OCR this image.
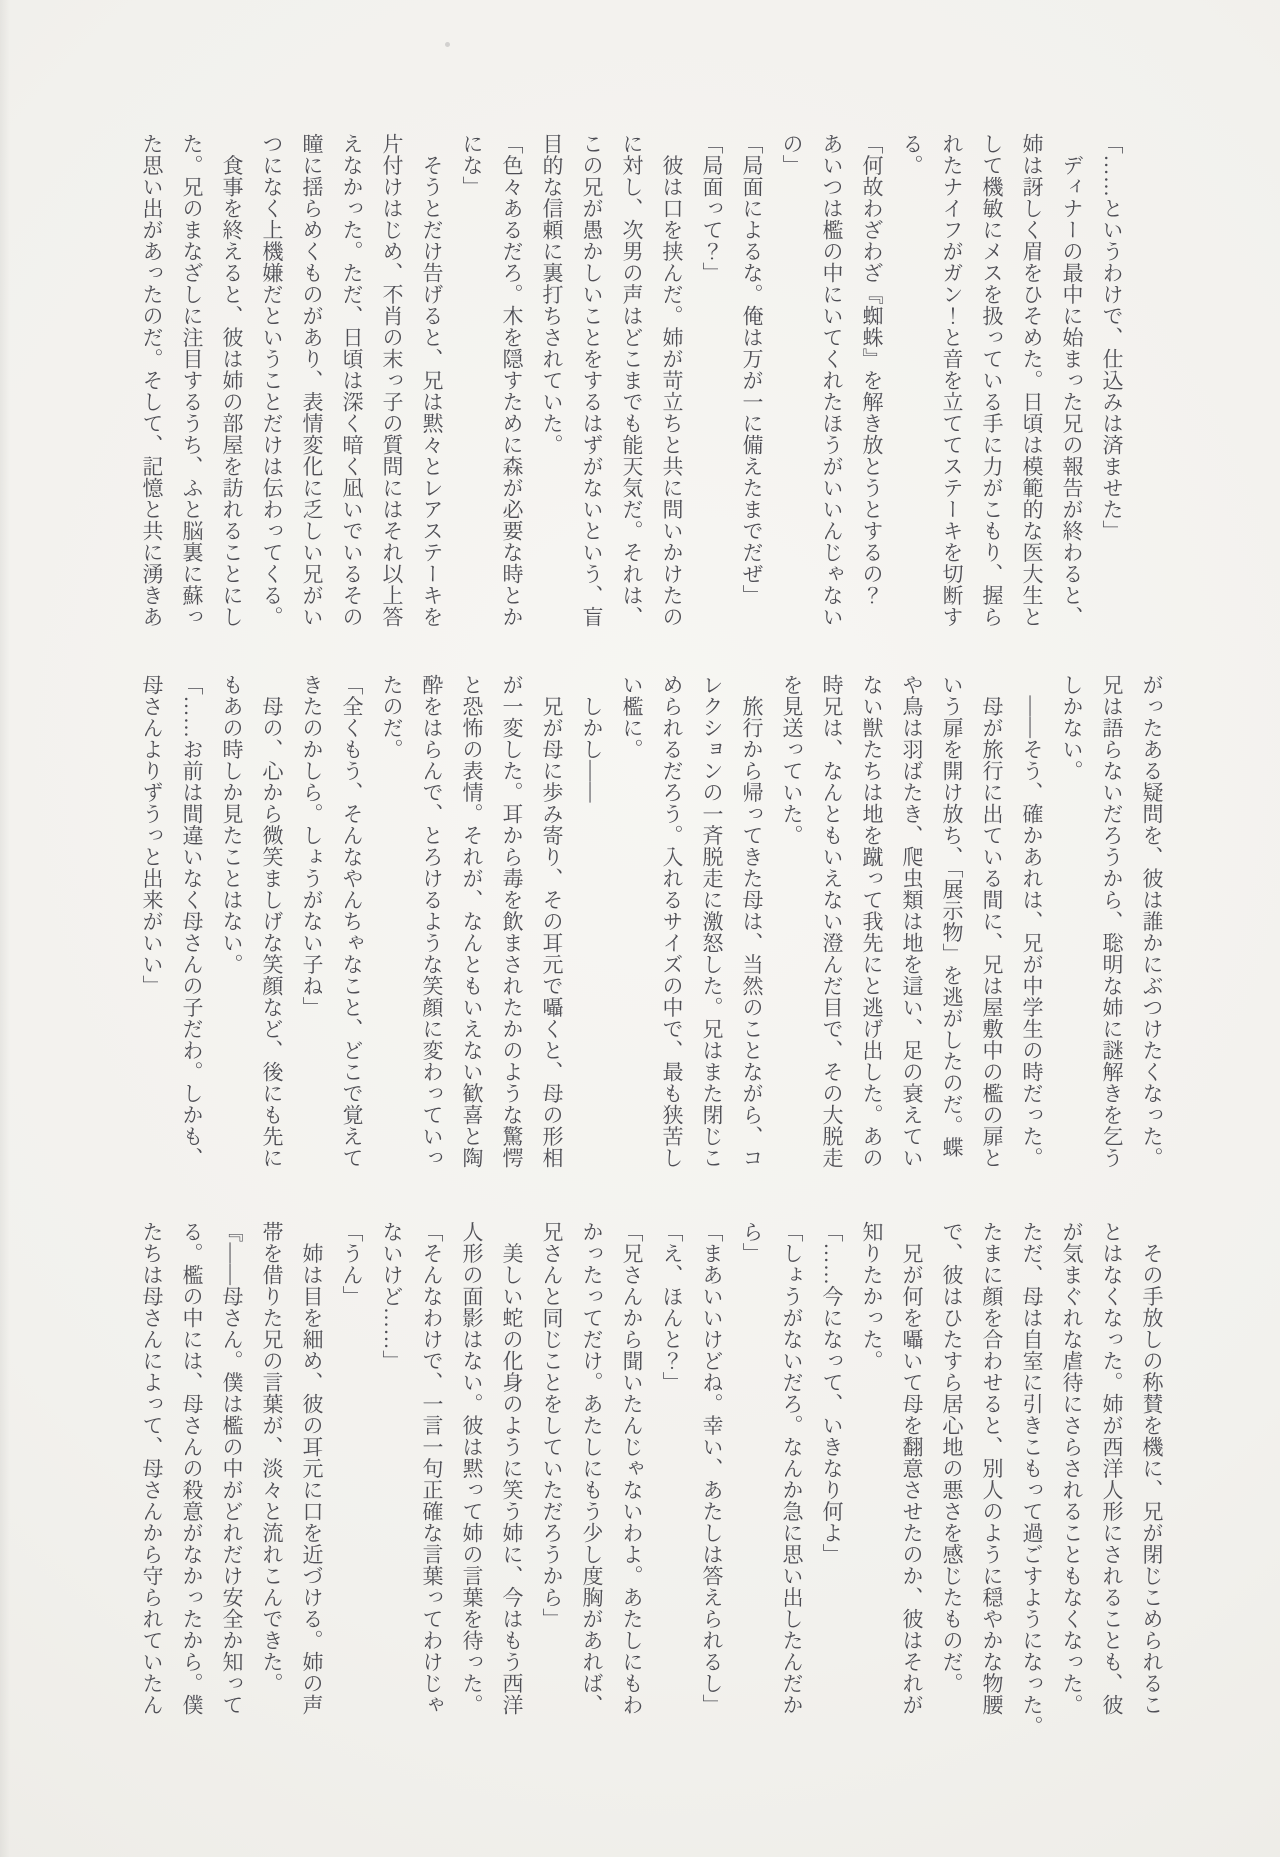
「……というわけで、仕込みは済ませた」

　ディナーの最中に始まった兄の報告が終わると、

姉は訝しく眉をひそめた。日頃は模範的な医大生と

して機敏にメスを扱っている手に力がこもり、握ら

れたナイフがガン！と音を立ててステーキを切断す

る。

「何故わざわざ『蜘蛛』を解き放とうとするの？

あいつは檻の中にいてくれたほうがいいんじゃない

の」

「局面によるな。俺は万が一に備えたまでだぜ」

「局面って？」

　彼は口を挟んだ。姉が苛立ちと共に問いかけたの

に対し、次男の声はどこまでも能天気だ。それは、

この兄が愚かしいことをするはずがないという、盲

目的な信頼に裏打ちされていた。

「色々あるだろ。木を隠すために森が必要な時とか

にな」

　そうとだけ告げると、兄は黙々とレアステーキを

片付けはじめ、不肖の末っ子の質問にはそれ以上答

えなかった。ただ、日頃は深く暗く凪いでいるその

瞳に揺らめくものがあり、表情変化に乏しい兄がい

つになく上機嫌だということだけは伝わってくる。

　食事を終えると、彼は姉の部屋を訪れることにし

た。兄のまなざしに注目するうち、ふと脳裏に蘇っ

た思い出があったのだ。そして、記憶と共に湧きあ

がったある疑問を、彼は誰かにぶつけたくなった。

兄は語らないだろうから、聡明な姉に謎解きを乞う

しかない。

　——そう、確かあれは、兄が中学生の時だった。

　母が旅行に出ている間に、兄は屋敷中の檻の扉と

いう扉を開け放ち、「展示物」を逃がしたのだ。蝶

や鳥は羽ばたき、爬虫類は地を這い、足の衰えてい

ない獣たちは地を蹴って我先にと逃げ出した。あの

時兄は、なんともいえない澄んだ目で、その大脱走

を見送っていた。

　旅行から帰ってきた母は、当然のことながら、コ

レクションの一斉脱走に激怒した。兄はまた閉じこ

められるだろう。入れるサイズの中で、最も狭苦し

い檻に。

　しかし——

　兄が母に歩み寄り、その耳元で囁くと、母の形相

が一変した。耳から毒を飲まされたかのような驚愕

と恐怖の表情。それが、なんともいえない歓喜と陶

酔をはらんで、とろけるような笑顔に変わっていっ

たのだ。

「全くもう、そんなやんちゃなこと、どこで覚えて

きたのかしら。しょうがない子ね」

　母の、心から微笑ましげな笑顔など、後にも先に

もあの時しか見たことはない。

「……お前は間違いなく母さんの子だわ。しかも、

母さんよりずうっと出来がいい」

　その手放しの称賛を機に、兄が閉じこめられるこ

とはなくなった。姉が西洋人形にされることも、彼

が気まぐれな虐待にさらされることもなくなった。

ただ、母は自室に引きこもって過ごすようになった。

たまに顔を合わせると、別人のように穏やかな物腰

で、彼はひたすら居心地の悪さを感じたものだ。

　兄が何を囁いて母を翻意させたのか、彼はそれが

知りたかった。

「……今になって、いきなり何よ」

「しょうがないだろ。なんか急に思い出したんだか

ら」

「まあいいけどね。幸い、あたしは答えられるし」

「え、ほんと？」

「兄さんから聞いたんじゃないわよ。あたしにもわ

かったってだけ。あたしにもう少し度胸があれば、

兄さんと同じことをしていただろうから」

　美しい蛇の化身のように笑う姉に、今はもう西洋

人形の面影はない。彼は黙って姉の言葉を待った。

「そんなわけで、一言一句正確な言葉ってわけじゃ

ないけど……」

「うん」

　姉は目を細め、彼の耳元に口を近づける。姉の声

帯を借りた兄の言葉が、淡々と流れこんできた。

『——母さん。僕は檻の中がどれだけ安全か知って

る。檻の中には、母さんの殺意がなかったから。僕

たちは母さんによって、母さんから守られていたん
